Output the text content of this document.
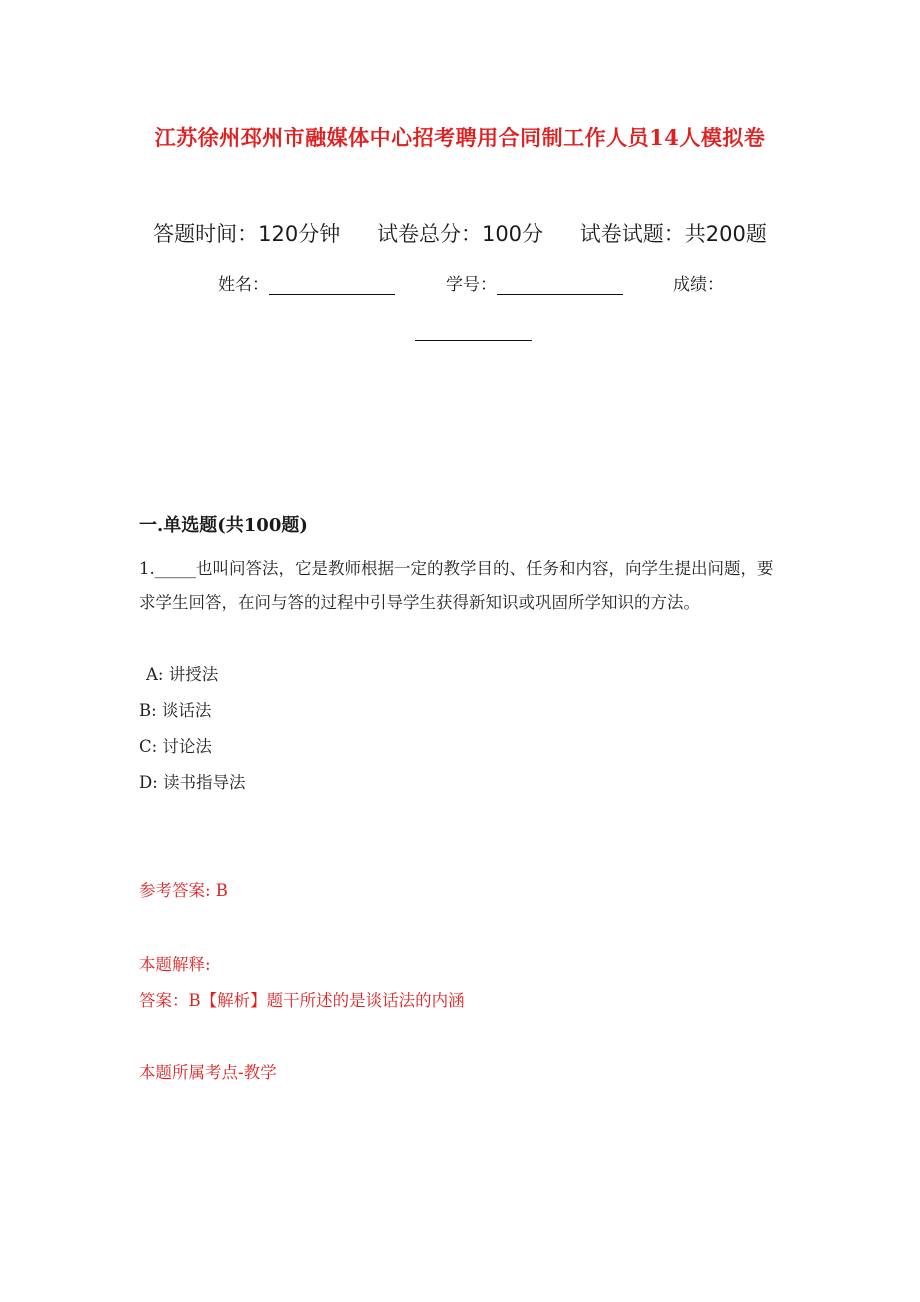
江苏徐州邳州市融媒体中心招考聘用合同制工作人员14人模拟卷
答题时间：120分钟 试卷总分：100分 试卷试题：共200题
姓名：	学号：	成绩：
一.单选题(共100题)
1._____也叫问答法，它是教师根据一定的教学目的、任务和内容，向学生提出问题，要求学生回答，在问与答的过程中引导学生获得新知识或巩固所学知识的方法。
A: 讲授法
B: 谈话法
C: 讨论法
D: 读书指导法
参考答案: B
本题解释:
答案：B【解析】题干所述的是谈话法的内涵
本题所属考点-教学
